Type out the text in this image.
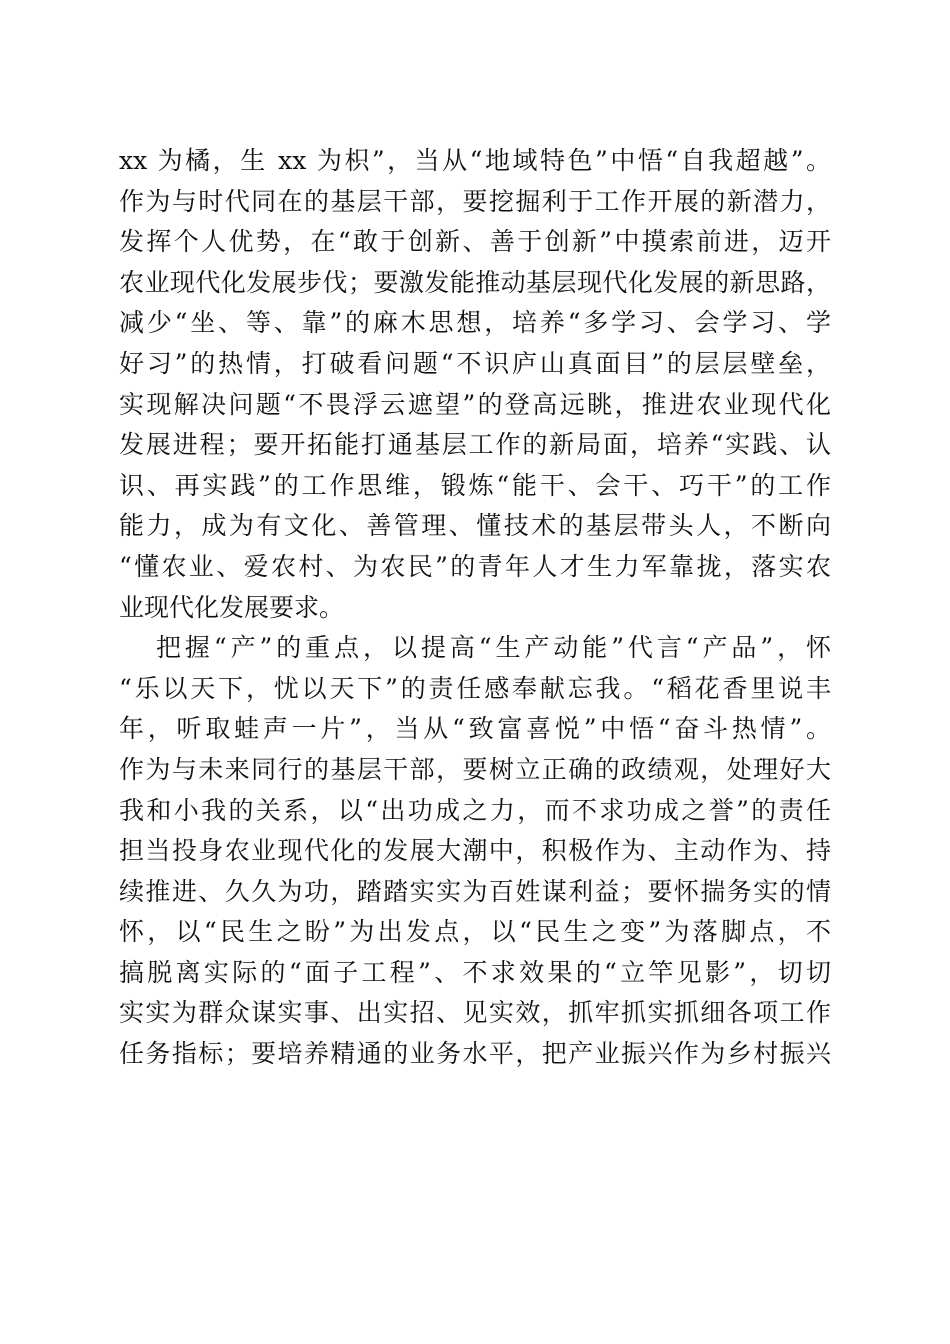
xx 为橘，生 xx 为枳”，当从“地域特色”中悟“自我超越”。
作为与时代同在的基层干部，要挖掘利于工作开展的新潜力，
发挥个人优势，在“敢于创新、善于创新”中摸索前进，迈开
农业现代化发展步伐；要激发能推动基层现代化发展的新思路，
减少“坐、等、靠”的麻木思想，培养“多学习、会学习、学
好习”的热情，打破看问题“不识庐山真面目”的层层壁垒，
实现解决问题“不畏浮云遮望”的登高远眺，推进农业现代化
发展进程；要开拓能打通基层工作的新局面，培养“实践、认
识、再实践”的工作思维，锻炼“能干、会干、巧干”的工作
能力，成为有文化、善管理、懂技术的基层带头人，不断向
“懂农业、爱农村、为农民”的青年人才生力军靠拢，落实农
业现代化发展要求。
把握“产”的重点，以提高“生产动能”代言“产品”，怀
“乐以天下，忧以天下”的责任感奉献忘我。“稻花香里说丰
年，听取蛙声一片”，当从“致富喜悦”中悟“奋斗热情”。
作为与未来同行的基层干部，要树立正确的政绩观，处理好大
我和小我的关系，以“出功成之力，而不求功成之誉”的责任
担当投身农业现代化的发展大潮中，积极作为、主动作为、持
续推进、久久为功，踏踏实实为百姓谋利益；要怀揣务实的情
怀，以“民生之盼”为出发点，以“民生之变”为落脚点，不
搞脱离实际的“面子工程”、不求效果的“立竿见影”，切切
实实为群众谋实事、出实招、见实效，抓牢抓实抓细各项工作
任务指标；要培养精通的业务水平，把产业振兴作为乡村振兴
